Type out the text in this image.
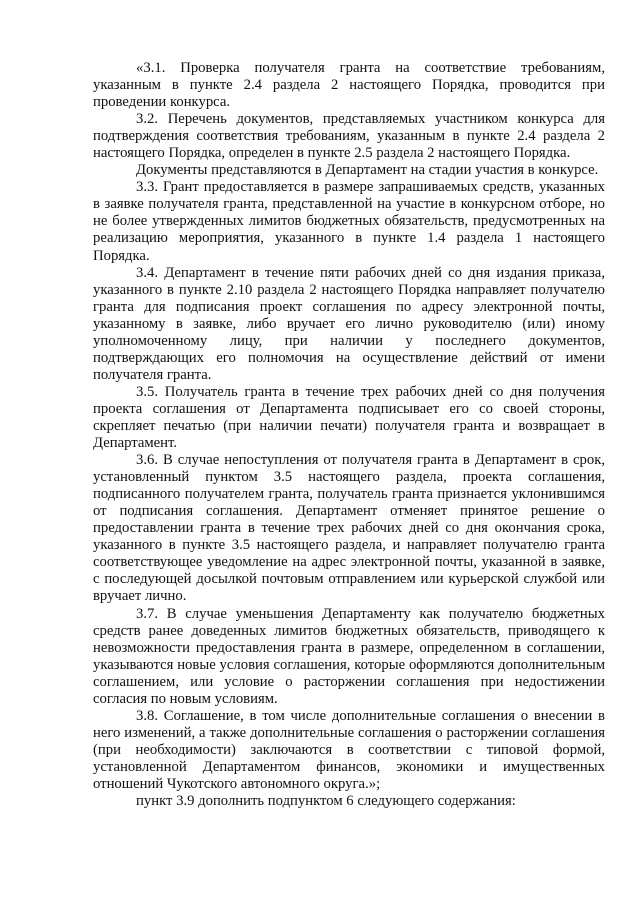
«3.1. Проверка получателя гранта на соответствие требованиям, указанным в пункте 2.4 раздела 2 настоящего Порядка, проводится при проведении конкурса.

3.2. Перечень документов, представляемых участником конкурса для подтверждения соответствия требованиям, указанным в пункте 2.4 раздела 2 настоящего Порядка, определен в пункте 2.5 раздела 2 настоящего Порядка.

Документы представляются в Департамент на стадии участия в конкурсе.

3.3. Грант предоставляется в размере запрашиваемых средств, указанных в заявке получателя гранта, представленной на участие в конкурсном отборе, но не более утвержденных лимитов бюджетных обязательств, предусмотренных на реализацию мероприятия, указанного в пункте 1.4 раздела 1 настоящего Порядка.

3.4. Департамент в течение пяти рабочих дней со дня издания приказа, указанного в пункте 2.10 раздела 2 настоящего Порядка направляет получателю гранта для подписания проект соглашения по адресу электронной почты, указанному в заявке, либо вручает его лично руководителю (или) иному уполномоченному лицу, при наличии у последнего документов, подтверждающих его полномочия на осуществление действий от имени получателя гранта.

3.5. Получатель гранта в течение трех рабочих дней со дня получения проекта соглашения от Департамента подписывает его со своей стороны, скрепляет печатью (при наличии печати) получателя гранта и возвращает в Департамент.

3.6. В случае непоступления от получателя гранта в Департамент в срок, установленный пунктом 3.5 настоящего раздела, проекта соглашения, подписанного получателем гранта, получатель гранта признается уклонившимся от подписания соглашения. Департамент отменяет принятое решение о предоставлении гранта в течение трех рабочих дней со дня окончания срока, указанного в пункте 3.5 настоящего раздела, и направляет получателю гранта соответствующее уведомление на адрес электронной почты, указанной в заявке, с последующей досылкой почтовым отправлением или курьерской службой или вручает лично.

3.7. В случае уменьшения Департаменту как получателю бюджетных средств ранее доведенных лимитов бюджетных обязательств, приводящего к невозможности предоставления гранта в размере, определенном в соглашении, указываются новые условия соглашения, которые оформляются дополнительным соглашением, или условие о расторжении соглашения при недостижении согласия по новым условиям.

3.8. Соглашение, в том числе дополнительные соглашения о внесении в него изменений, а также дополнительные соглашения о расторжении соглашения (при необходимости) заключаются в соответствии с типовой формой, установленной Департаментом финансов, экономики и имущественных отношений Чукотского автономного округа.»;

пункт 3.9 дополнить подпунктом 6 следующего содержания:
